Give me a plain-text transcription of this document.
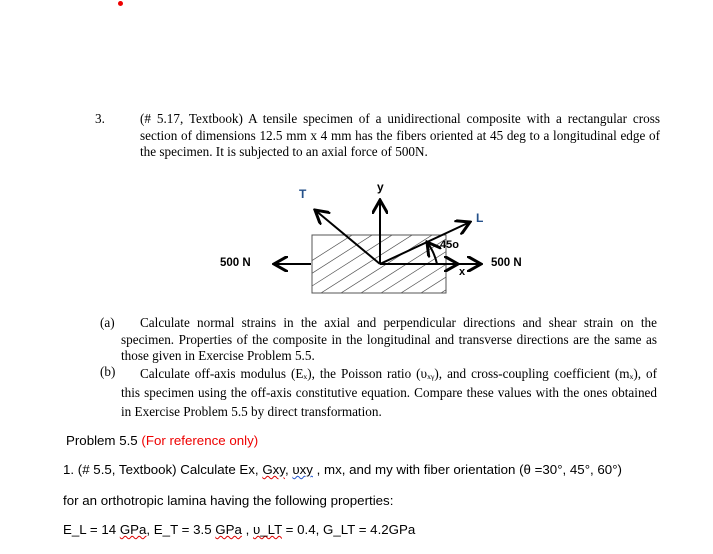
3.	(# 5.17, Textbook) A tensile specimen of a unidirectional composite with a rectangular cross section of dimensions 12.5 mm x 4 mm has the fibers oriented at 45 deg to a longitudinal edge of the specimen. It is subjected to an axial force of 500N.
T	y
L
45o
x
500 N	500 N
(a)	Calculate normal strains in the axial and perpendicular directions and shear strain on the specimen. Properties of the composite in the longitudinal and transverse directions are the same as those given in Exercise Problem 5.5.
(b)	Calculate off-axis modulus (Eₓ), the Poisson ratio (υₓᵧ), and cross-coupling coefficient (mₓ), of this specimen using the off-axis constitutive equation. Compare these values with the ones obtained in Exercise Problem 5.5 by direct transformation.
Problem 5.5 (For reference only)
1. (# 5.5, Textbook) Calculate Ex, Gxy, υxy , mx, and my with fiber orientation (θ =30°, 45°, 60°)
for an orthotropic lamina having the following properties:
E_L = 14 GPa, E_T = 3.5 GPa , υ_LT = 0.4, G_LT = 4.2GPa
